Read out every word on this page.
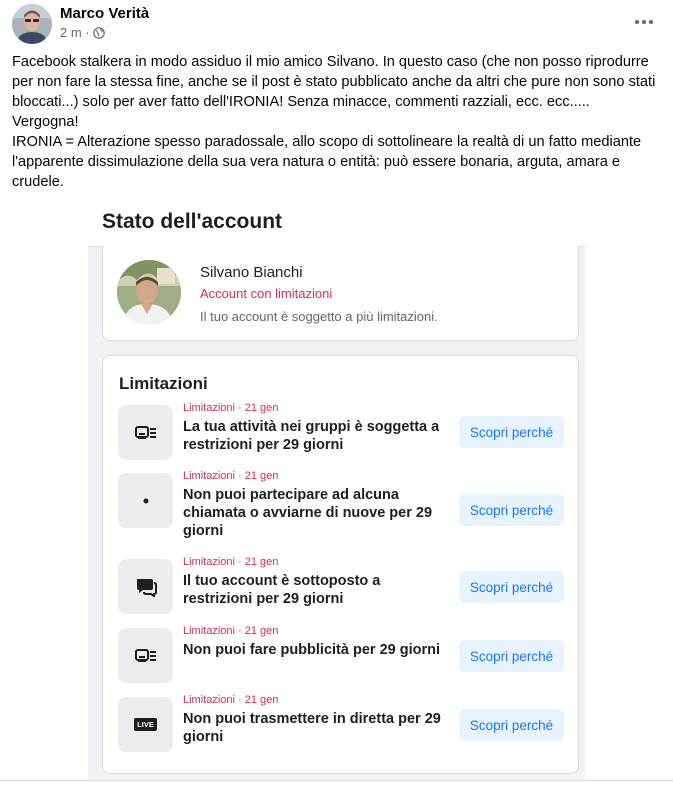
Marco Verità
2 m ·

Facebook stalkera in modo assiduo il mio amico Silvano. In questo caso (che non posso riprodurre per non fare la stessa fine, anche se il post è stato pubblicato anche da altri che pure non sono stati bloccati...) solo per aver fatto dell'IRONIA! Senza minacce, commenti razziali, ecc. ecc.....

Vergogna!

IRONIA = Alterazione spesso paradossale, allo scopo di sottolineare la realtà di un fatto mediante l'apparente dissimulazione della sua vera natura o entità: può essere bonaria, arguta, amara e crudele.

Stato dell'account
Silvano Bianchi
Account con limitazioni
Il tuo account è soggetto a più limitazioni.
Limitazioni
Limitazioni · 21 gen
La tua attività nei gruppi è soggetta a restrizioni per 29 giorni
Scopri perché
Limitazioni · 21 gen
Non puoi partecipare ad alcuna chiamata o avviarne di nuove per 29 giorni
Scopri perché
Limitazioni · 21 gen
Il tuo account è sottoposto a restrizioni per 29 giorni
Scopri perché
Limitazioni · 21 gen
Non puoi fare pubblicità per 29 giorni	Scopri perché
LIVE
Limitazioni · 21 gen
Non puoi trasmettere in diretta per 29 giorni
Scopri perché
